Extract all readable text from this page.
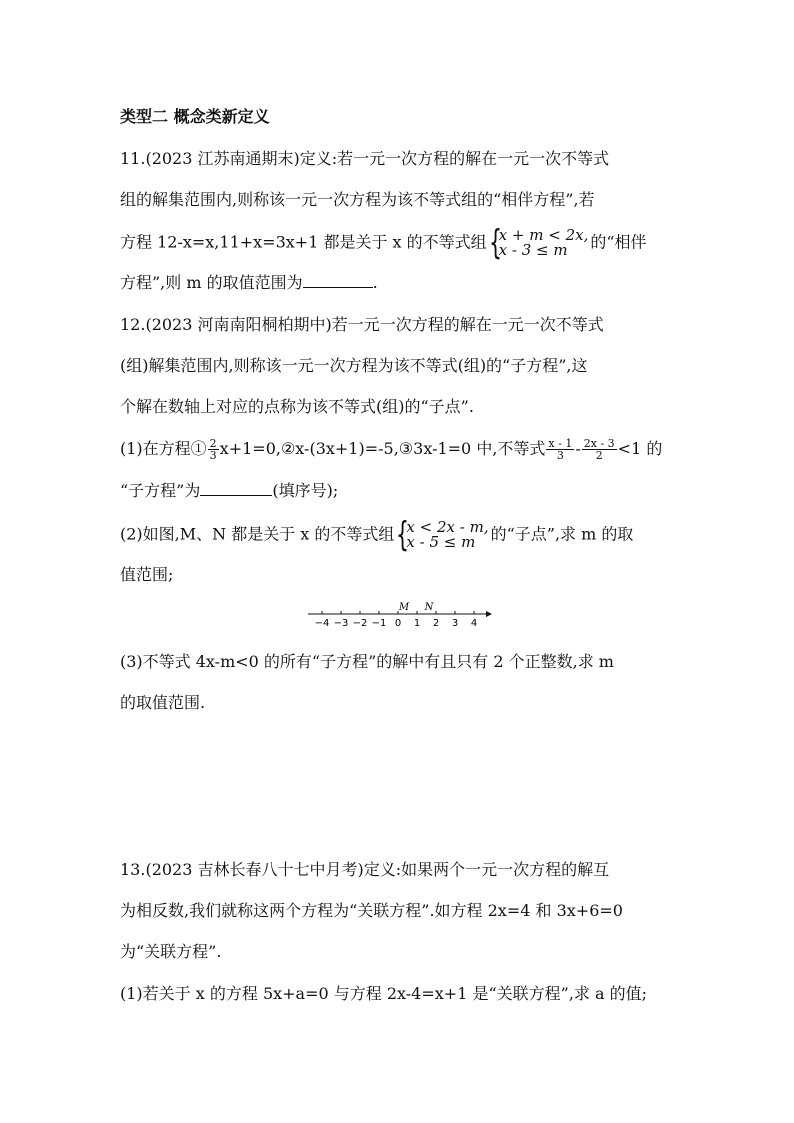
类型二 概念类新定义
11.(2023 江苏南通期末)定义:若一元一次方程的解在一元一次不等式
组的解集范围内,则称该一元一次方程为该不等式组的“相伴方程”,若
方程 12-x=x,11+x=3x+1 都是关于 x 的不等式组 {
x + m < 2x,
x - 3 ≤ m	的“相伴
方程”,则 m 的取值范围为	.
12.(2023 河南南阳桐柏期中)若一元一次方程的解在一元一次不等式
(组)解集范围内,则称该一元一次方程为该不等式(组)的“子方程”,这
个解在数轴上对应的点称为该不等式(组)的“子点”.
(1)在方程① $\frac{2}{3}$ x+1=0,②x-(3x+1)=-5,③3x-1=0 中,不等式 $\frac{x - 1}{3} - \frac{2x - 3}{2} <1$ 的
“子方程”为	(填序号);
(2)如图,M、N 都是关于 x 的不等式组 {
x < 2x - m,
x - 5 ≤ m 的“子点”,求 m 的取
值范围;
−4 −3 −2 −1 0 1 2 3 4
M N
(3)不等式 4x-m<0 的所有“子方程”的解中有且只有 2 个正整数,求 m
的取值范围.
13.(2023 吉林长春八十七中月考)定义:如果两个一元一次方程的解互
为相反数,我们就称这两个方程为“关联方程”.如方程 2x=4 和 3x+6=0
为“关联方程”.
(1)若关于 x 的方程 5x+a=0 与方程 2x-4=x+1 是“关联方程”,求 a 的值;
